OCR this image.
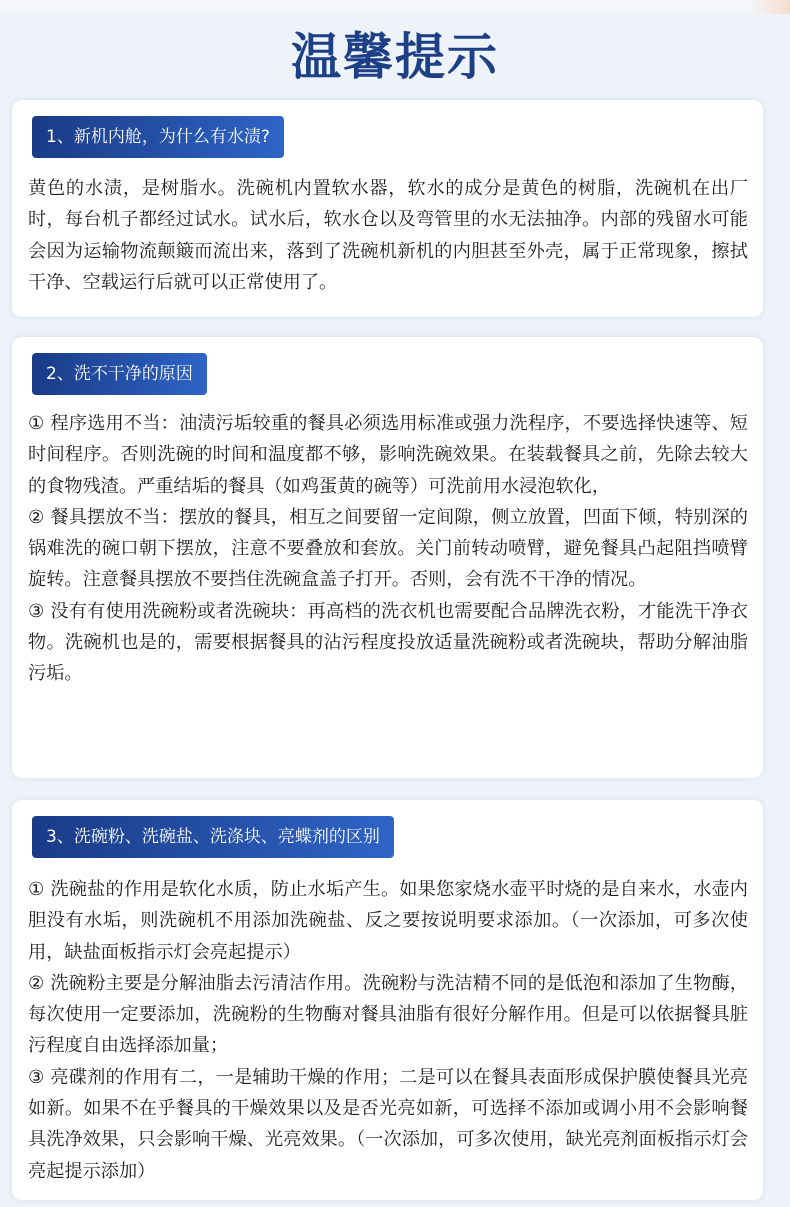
温馨提示
1、新机内舱，为什么有水渍?

黄色的水渍，是树脂水。洗碗机内置软水器，软水的成分是黄色的树脂，洗碗机在出厂时，每台机子都经过试水。试水后，软水仓以及弯管里的水无法抽净。内部的残留水可能会因为运输物流颠簸而流出来，落到了洗碗机新机的内胆甚至外壳，属于正常现象，擦拭干净、空载运行后就可以正常使用了。

2、洗不干净的原因

① 程序选用不当：油渍污垢较重的餐具必须选用标准或强力洗程序，不要选择快速等、短时间程序。否则洗碗的时间和温度都不够，影响洗碗效果。在装载餐具之前，先除去较大的食物残渣。严重结垢的餐具（如鸡蛋黄的碗等）可洗前用水浸泡软化，

② 餐具摆放不当：摆放的餐具，相互之间要留一定间隙，侧立放置，凹面下倾，特别深的锅难洗的碗口朝下摆放，注意不要叠放和套放。关门前转动喷臂，避免餐具凸起阻挡喷臂旋转。注意餐具摆放不要挡住洗碗盒盖子打开。否则，会有洗不干净的情况。

③ 没有有使用洗碗粉或者洗碗块：再高档的洗衣机也需要配合品牌洗衣粉，才能洗干净衣物。洗碗机也是的，需要根据餐具的沾污程度投放适量洗碗粉或者洗碗块，帮助分解油脂污垢。

3、洗碗粉、洗碗盐、洗涤块、亮蝶剂的区别

① 洗碗盐的作用是软化水质，防止水垢产生。如果您家烧水壶平时烧的是自来水，水壶内胆没有水垢，则洗碗机不用添加洗碗盐、反之要按说明要求添加。（一次添加，可多次使用，缺盐面板指示灯会亮起提示）

② 洗碗粉主要是分解油脂去污清洁作用。洗碗粉与洗洁精不同的是低泡和添加了生物酶，每次使用一定要添加，洗碗粉的生物酶对餐具油脂有很好分解作用。但是可以依据餐具脏污程度自由选择添加量；

③ 亮碟剂的作用有二，一是辅助干燥的作用；二是可以在餐具表面形成保护膜使餐具光亮如新。如果不在乎餐具的干燥效果以及是否光亮如新，可选择不添加或调小用不会影响餐具洗净效果，只会影响干燥、光亮效果。（一次添加，可多次使用，缺光亮剂面板指示灯会亮起提示添加）
